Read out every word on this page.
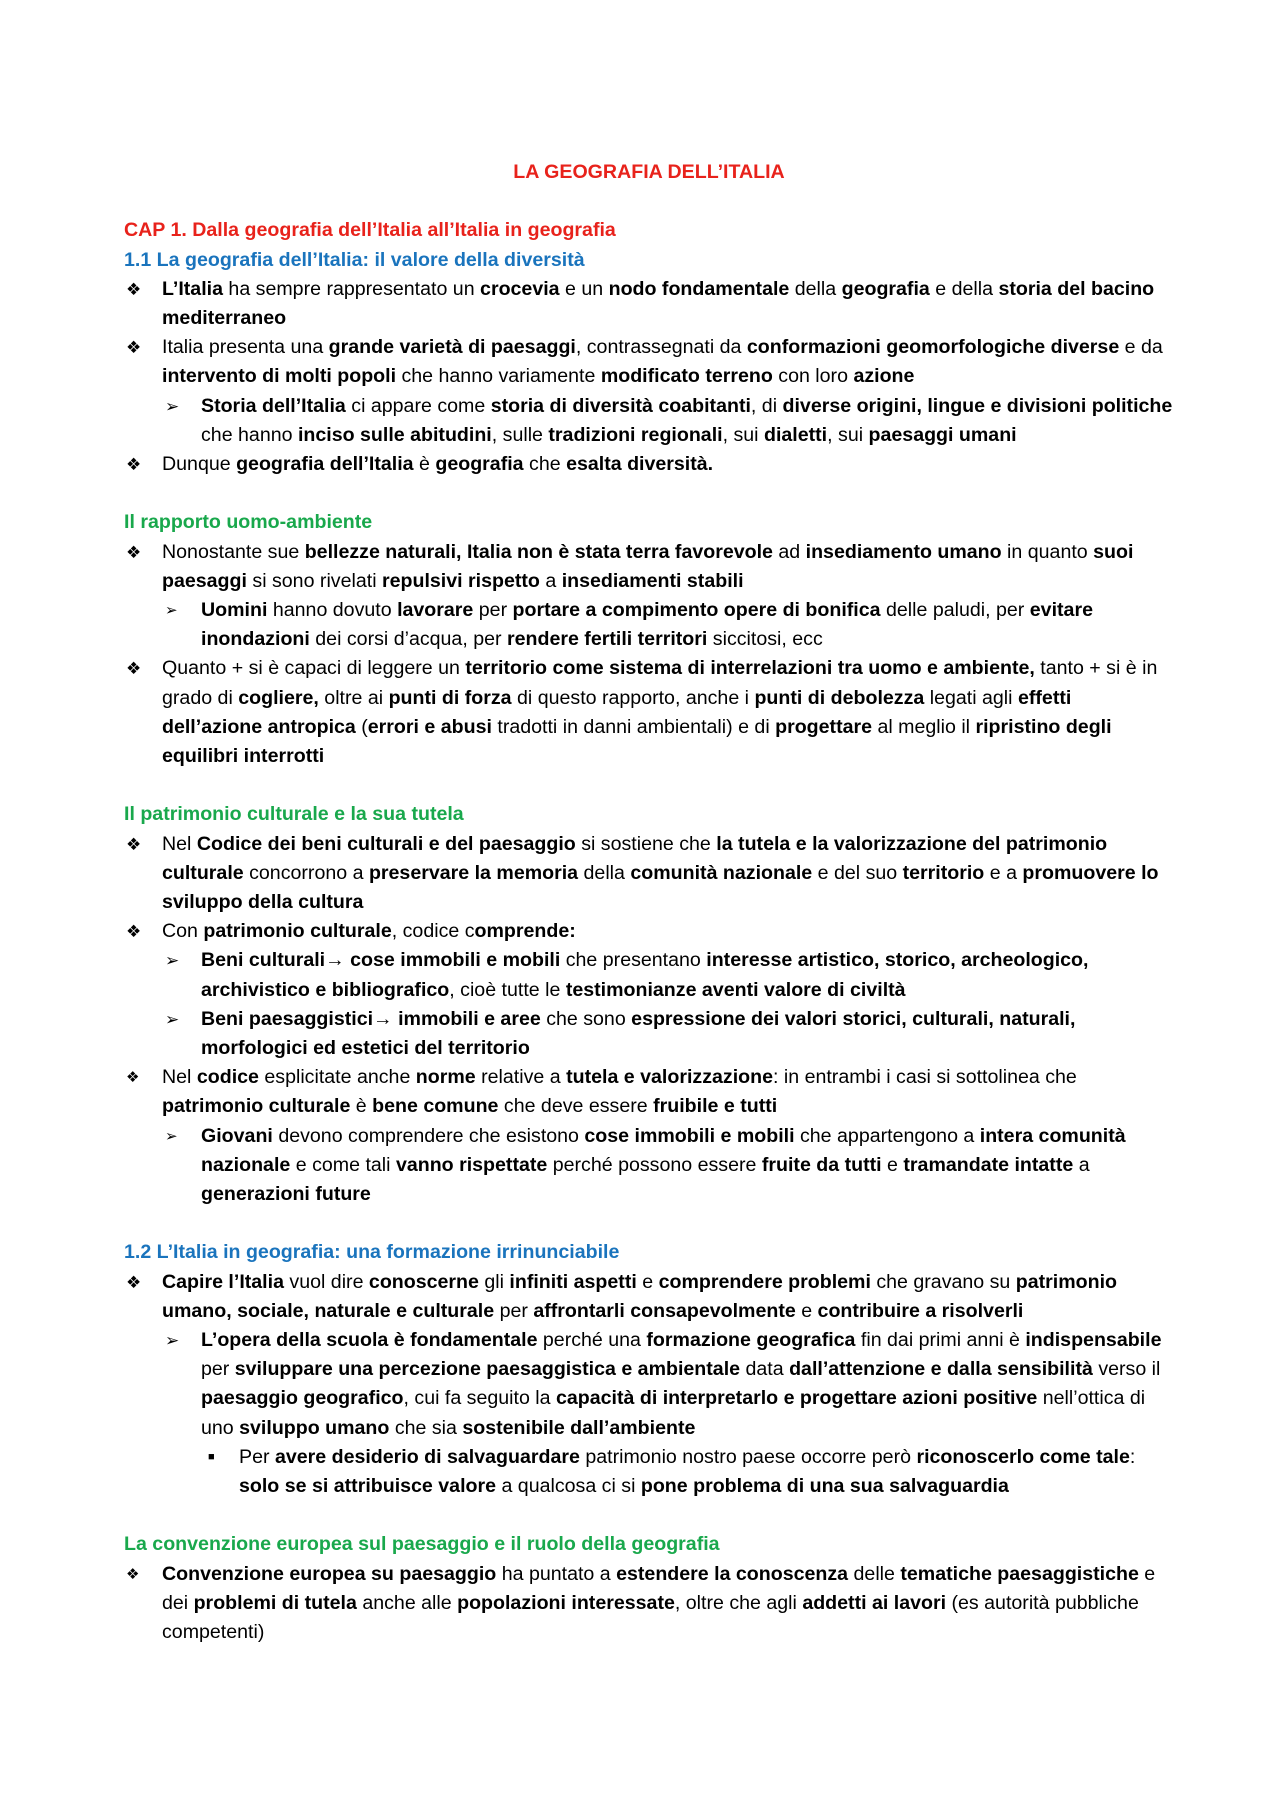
LA GEOGRAFIA DELL’ITALIA
CAP 1. Dalla geografia dell’Italia all’Italia in geografia
1.1 La geografia dell’Italia: il valore della diversità
❖ L’Italia ha sempre rappresentato un crocevia e un nodo fondamentale della geografia e della storia del bacino mediterraneo
❖ Italia presenta una grande varietà di paesaggi, contrassegnati da conformazioni geomorfologiche diverse e da intervento di molti popoli che hanno variamente modificato terreno con loro azione
➢ Storia dell’Italia ci appare come storia di diversità coabitanti, di diverse origini, lingue e divisioni politiche che hanno inciso sulle abitudini, sulle tradizioni regionali, sui dialetti, sui paesaggi umani
❖ Dunque geografia dell’Italia è geografia che esalta diversità.
Il rapporto uomo-ambiente
❖ Nonostante sue bellezze naturali, Italia non è stata terra favorevole ad insediamento umano in quanto suoi paesaggi si sono rivelati repulsivi rispetto a insediamenti stabili
➢ Uomini hanno dovuto lavorare per portare a compimento opere di bonifica delle paludi, per evitare inondazioni dei corsi d’acqua, per rendere fertili territori siccitosi, ecc
❖ Quanto + si è capaci di leggere un territorio come sistema di interrelazioni tra uomo e ambiente, tanto + si è in grado di cogliere, oltre ai punti di forza di questo rapporto, anche i punti di debolezza legati agli effetti dell’azione antropica (errori e abusi tradotti in danni ambientali) e di progettare al meglio il ripristino degli equilibri interrotti
Il patrimonio culturale e la sua tutela
❖ Nel Codice dei beni culturali e del paesaggio si sostiene che la tutela e la valorizzazione del patrimonio culturale concorrono a preservare la memoria della comunità nazionale e del suo territorio e a promuovere lo sviluppo della cultura
❖ Con patrimonio culturale, codice comprende:
➢ Beni culturali→ cose immobili e mobili che presentano interesse artistico, storico, archeologico, archivistico e bibliografico, cioè tutte le testimonianze aventi valore di civiltà
➢ Beni paesaggistici→ immobili e aree che sono espressione dei valori storici, culturali, naturali, morfologici ed estetici del territorio
❖ Nel codice esplicitate anche norme relative a tutela e valorizzazione: in entrambi i casi si sottolinea che patrimonio culturale è bene comune che deve essere fruibile e tutti
➢ Giovani devono comprendere che esistono cose immobili e mobili che appartengono a intera comunità nazionale e come tali vanno rispettate perché possono essere fruite da tutti e tramandate intatte a generazioni future
1.2 L’Italia in geografia: una formazione irrinunciabile
❖ Capire l’Italia vuol dire conoscerne gli infiniti aspetti e comprendere problemi che gravano su patrimonio umano, sociale, naturale e culturale per affrontarli consapevolmente e contribuire a risolverli
➢ L’opera della scuola è fondamentale perché una formazione geografica fin dai primi anni è indispensabile per sviluppare una percezione paesaggistica e ambientale data dall’attenzione e dalla sensibilità verso il paesaggio geografico, cui fa seguito la capacità di interpretarlo e progettare azioni positive nell’ottica di uno sviluppo umano che sia sostenibile dall’ambiente
■ Per avere desiderio di salvaguardare patrimonio nostro paese occorre però riconoscerlo come tale: solo se si attribuisce valore a qualcosa ci si pone problema di una sua salvaguardia
La convenzione europea sul paesaggio e il ruolo della geografia
❖ Convenzione europea su paesaggio ha puntato a estendere la conoscenza delle tematiche paesaggistiche e dei problemi di tutela anche alle popolazioni interessate, oltre che agli addetti ai lavori (es autorità pubbliche competenti)
